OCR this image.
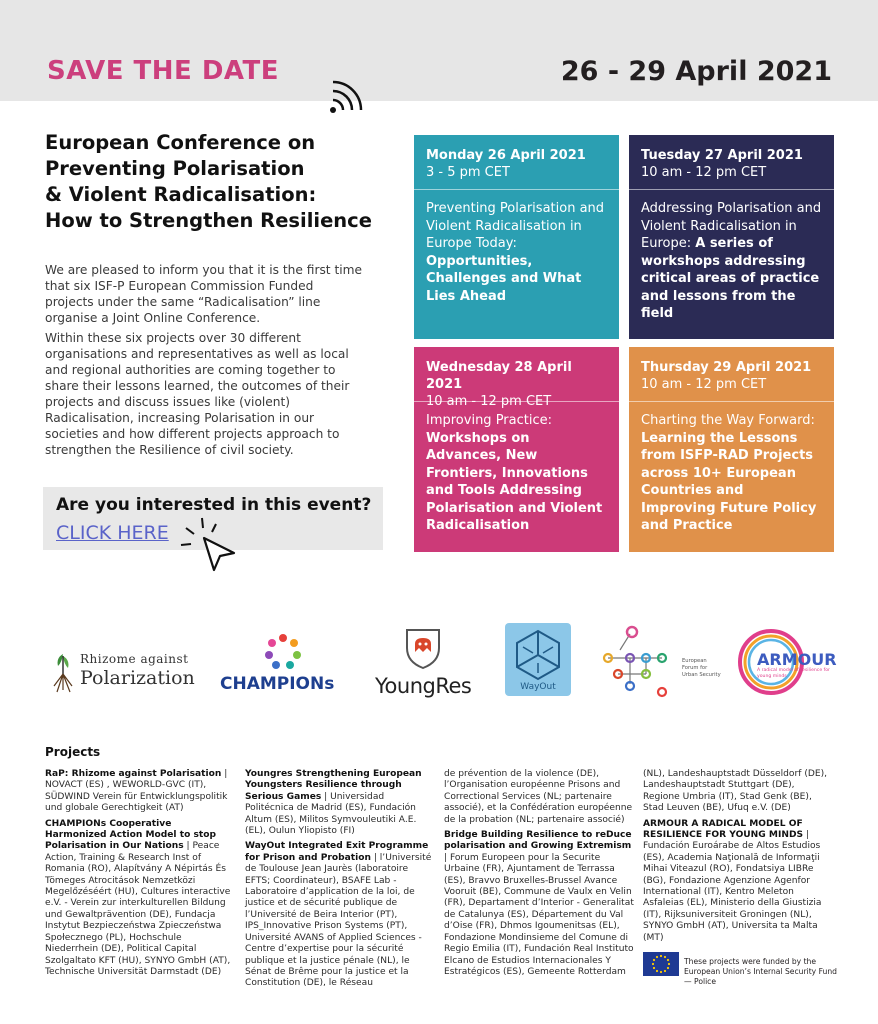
SAVE THE DATE	26 - 29 April 2021
European Conference on
Preventing Polarisation
& Violent Radicalisation:
How to Strengthen Resilience

We are pleased to inform you that it is the first time that six ISF-P European Commission Funded projects under the same “Radicalisation” line organise a Joint Online Conference.

Within these six projects over 30 different organisations and representatives as well as local and regional authorities are coming together to share their lessons learned, the outcomes of their projects and discuss issues like (violent) Radicalisation, increasing Polarisation in our societies and how different projects approach to strengthen the Resilience of civil society.

Are you interested in this event?
CLICK HERE
Monday 26 April 2021
3 - 5 pm CET
Preventing Polarisation and Violent Radicalisation in Europe Today: Opportunities, Challenges and What Lies Ahead
Tuesday 27 April 2021
10 am - 12 pm CET
Addressing Polarisation and Violent Radicalisation in Europe: A series of workshops addressing critical areas of practice and lessons from the field
Wednesday 28 April 2021
10 am - 12 pm CET
Improving Practice: Workshops on Advances, New Frontiers, Innovations and Tools Addressing Polarisation and Violent Radicalisation
Thursday 29 April 2021
10 am - 12 pm CET
Charting the Way Forward: Learning the Lessons from ISFP-RAD Projects across 10+ European Countries and Improving Future Policy and Practice
Rhizome against
Polarization CHAMPIONs YoungRes	WayOut
European Forum for Urban Security
ARMOUR
A radical model of resilience for young minds
Projects

RaP: Rhizome against Polarisation | NOVACT (ES) , WEWORLD-GVC (IT), SÜDWIND Verein für Entwicklungspolitik und globale Gerechtigkeit (AT)

CHAMPIONs Cooperative Harmonized Action Model to stop Polarisation in Our Nations | Peace Action, Training & Research Inst of Romania (RO), Alapítvány A Népirtás És Tömeges Atrocitások Nemzetközi Megelőzéséért (HU), Cultures interactive e.V. - Verein zur interkulturellen Bildung und Gewaltprävention (DE), Fundacja Instytut Bezpieczeństwa Zpieczeństwa Społecznego (PL), Hochschule Niederrhein (DE), Political Capital Szolgaltato KFT (HU), SYNYO GmbH (AT), Technische Universität Darmstadt (DE)

Youngres Strengthening European Youngsters Resilience through Serious Games | Universidad Politécnica de Madrid (ES), Fundación Altum (ES), Militos Symvouleutiki A.E. (EL), Oulun Yliopisto (FI)

WayOut Integrated Exit Programme for Prison and Probation | l’Université de Toulouse Jean Jaurès (laboratoire EFTS; Coordinateur), BSAFE Lab - Laboratoire d’application de la loi, de justice et de sécurité publique de l’Université de Beira Interior (PT), IPS_Innovative Prison Systems (PT), Université AVANS of Applied Sciences - Centre d’expertise pour la sécurité publique et la justice pénale (NL), le Sénat de Brême pour la justice et la Constitution (DE), le Réseau

de prévention de la violence (DE), l’Organisation européenne Prisons and Correctional Services (NL; partenaire associé), et la Confédération européenne de la probation (NL; partenaire associé)

Bridge Building Resilience to reDuce polarisation and Growing Extremism | Forum Europeen pour la Securite Urbaine (FR), Ajuntament de Terrassa (ES), Bravvo Bruxelles-Brussel Avance Vooruit (BE), Commune de Vaulx en Velin (FR), Departament d’Interior - Generalitat de Catalunya (ES), Département du Val d’Oise (FR), Dhmos Igoumenitsas (EL), Fondazione Mondinsieme del Comune di Regio Emilia (IT), Fundación Real Instituto Elcano de Estudios Internacionales Y Estratégicos (ES), Gemeente Rotterdam

(NL), Landeshauptstadt Düsseldorf (DE), Landeshauptstadt Stuttgart (DE), Regione Umbria (IT), Stad Genk (BE), Stad Leuven (BE), Ufuq e.V. (DE)

ARMOUR A RADICAL MODEL OF RESILIENCE FOR YOUNG MINDS | Fundación Euroárabe de Altos Estudios (ES), Academia Naţională de Informaţii Mihai Viteazul (RO), Fondatsiya LIBRe (BG), Fondazione Agenzione Agenfor International (IT), Kentro Meleton Asfaleias (EL), Ministerio della Giustizia (IT), Rijksuniversiteit Groningen (NL), SYNYO GmbH (AT), Universita ta Malta (MT)

These projects were funded by the European Union’s Internal Security Fund — Police
